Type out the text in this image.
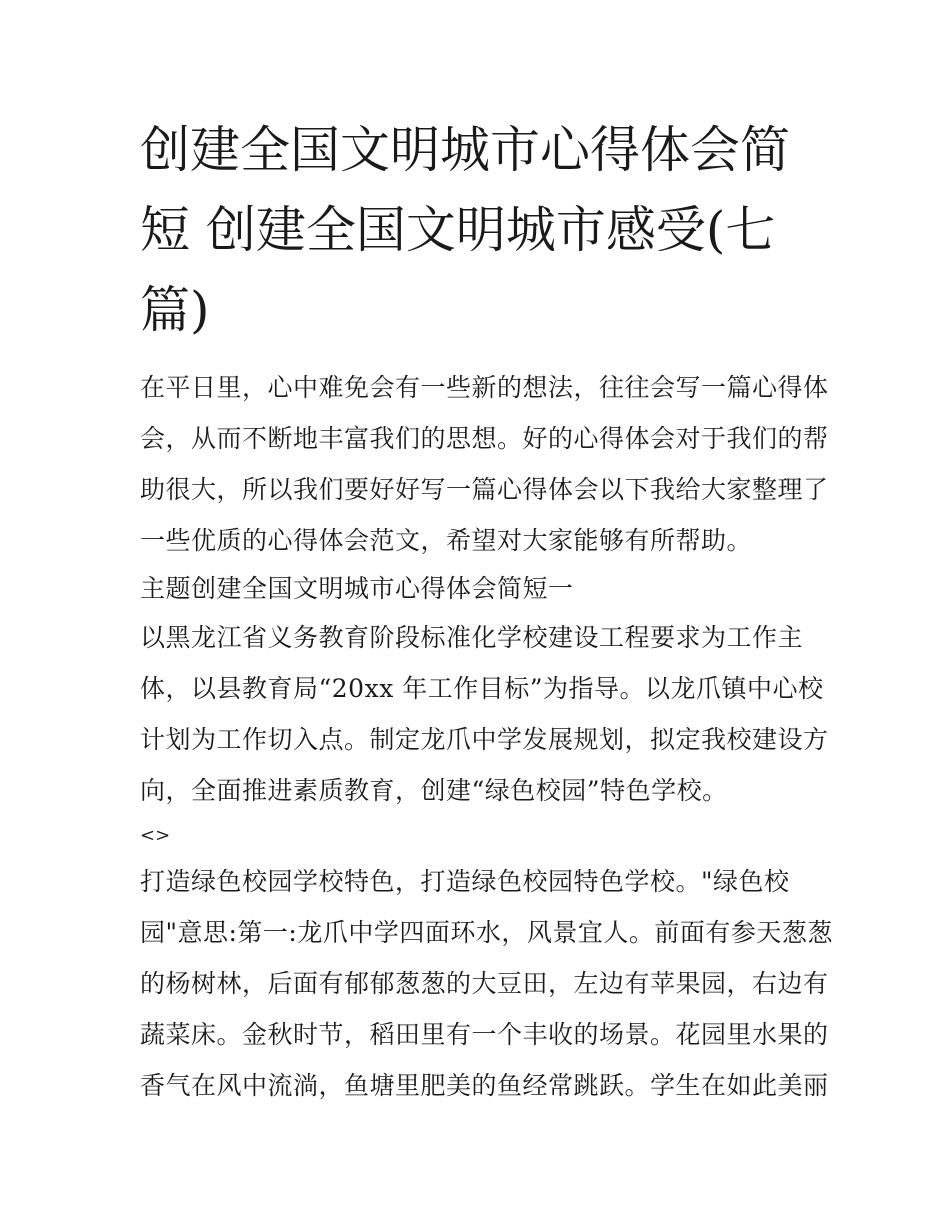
创建全国文明城市心得体会简
短 创建全国文明城市感受(七
篇)

在平日里，心中难免会有一些新的想法，往往会写一篇心得体
会，从而不断地丰富我们的思想。好的心得体会对于我们的帮
助很大，所以我们要好好写一篇心得体会以下我给大家整理了
一些优质的心得体会范文，希望对大家能够有所帮助。

主题创建全国文明城市心得体会简短一

以黑龙江省义务教育阶段标准化学校建设工程要求为工作主
体，以县教育局“20xx 年工作目标”为指导。以龙爪镇中心校
计划为工作切入点。制定龙爪中学发展规划，拟定我校建设方
向，全面推进素质教育，创建“绿色校园”特色学校。

<>

打造绿色校园学校特色，打造绿色校园特色学校。"绿色校
园"意思:第一:龙爪中学四面环水，风景宜人。前面有参天葱葱
的杨树林，后面有郁郁葱葱的大豆田，左边有苹果园，右边有
蔬菜床。金秋时节，稻田里有一个丰收的场景。花园里水果的
香气在风中流淌，鱼塘里肥美的鱼经常跳跃。学生在如此美丽
